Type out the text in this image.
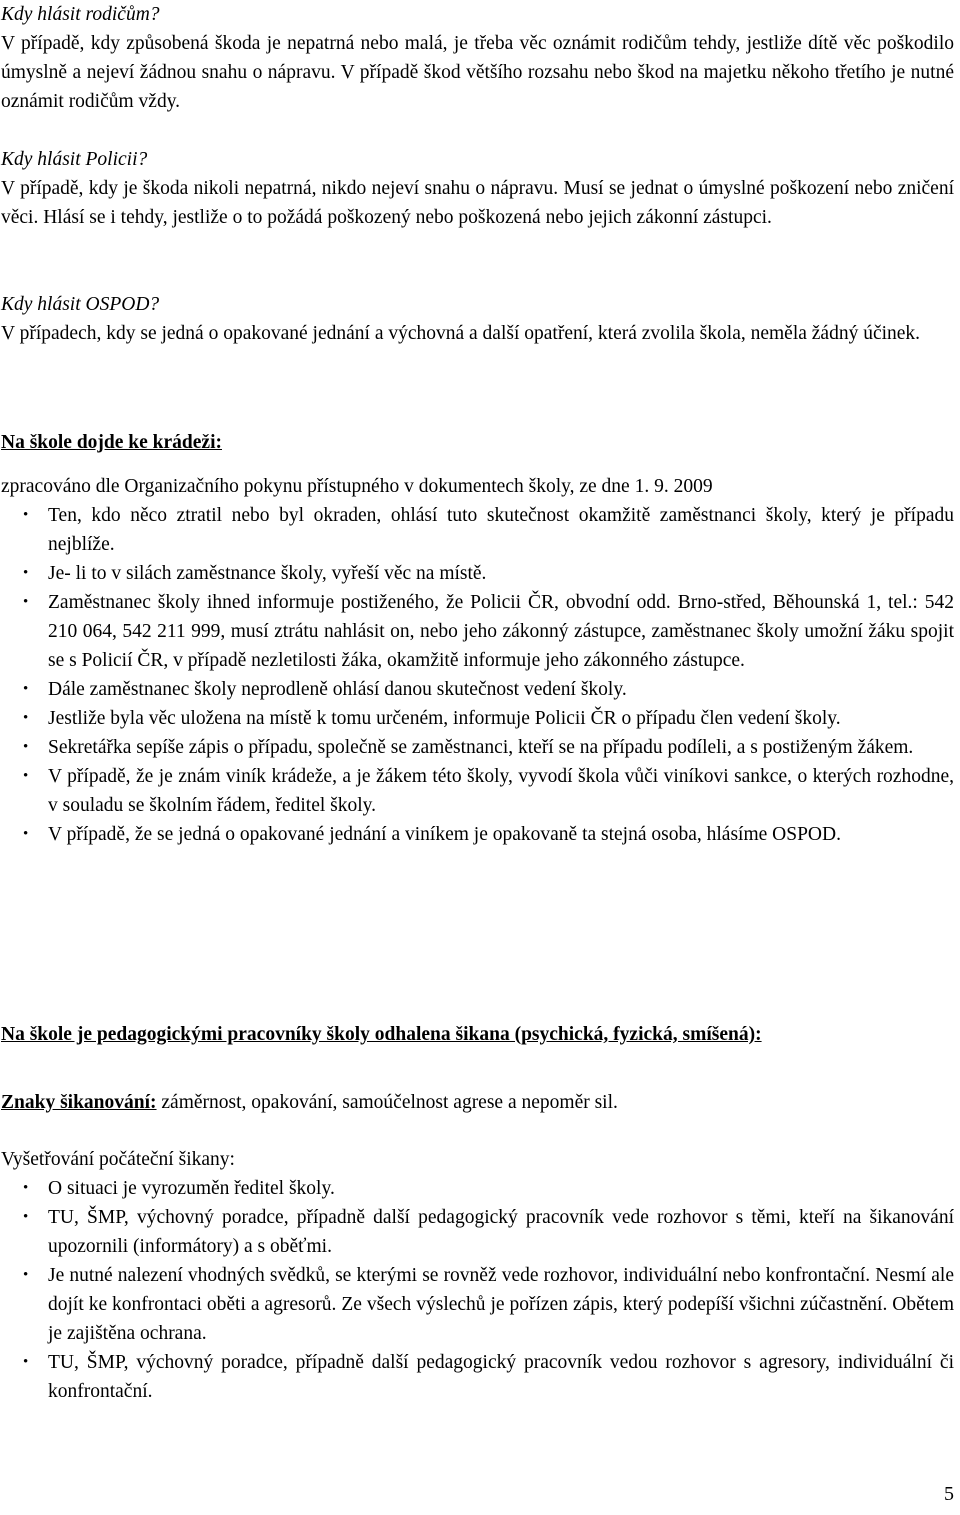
Kdy hlásit rodičům?

V případě, kdy způsobená škoda je nepatrná nebo malá, je třeba věc oznámit rodičům tehdy, jestliže dítě věc poškodilo úmyslně a nejeví žádnou snahu o nápravu. V případě škod většího rozsahu nebo škod na majetku někoho třetího je nutné oznámit rodičům vždy.

Kdy hlásit Policii?

V případě, kdy je škoda nikoli nepatrná, nikdo nejeví snahu o nápravu. Musí se jednat o úmyslné poškození nebo zničení věci. Hlásí se i tehdy, jestliže o to požádá poškozený nebo poškozená nebo jejich zákonní zástupci.

Kdy hlásit OSPOD?

V případech, kdy se jedná o opakované jednání a výchovná a další opatření, která zvolila škola, neměla žádný účinek.

Na škole dojde ke krádeži:

zpracováno dle Organizačního pokynu přístupného v dokumentech školy, ze dne 1. 9. 2009

• Ten, kdo něco ztratil nebo byl okraden, ohlásí tuto skutečnost okamžitě zaměstnanci školy, který je případu nejblíže.
• Je- li to v silách zaměstnance školy, vyřeší věc na místě.
• Zaměstnanec školy ihned informuje postiženého, že Policii ČR, obvodní odd. Brno-střed, Běhounská 1, tel.: 542 210 064, 542 211 999, musí ztrátu nahlásit on, nebo jeho zákonný zástupce, zaměstnanec školy umožní žáku spojit se s Policií ČR, v případě nezletilosti žáka, okamžitě informuje jeho zákonného zástupce.
• Dále zaměstnanec školy neprodleně ohlásí danou skutečnost vedení školy.
• Jestliže byla věc uložena na místě k tomu určeném, informuje Policii ČR o případu člen vedení školy.
• Sekretářka sepíše zápis o případu, společně se zaměstnanci, kteří se na případu podíleli, a s postiženým žákem.
• V případě, že je znám viník krádeže, a je žákem této školy, vyvodí škola vůči viníkovi sankce, o kterých rozhodne, v souladu se školním řádem, ředitel školy.
• V případě, že se jedná o opakované jednání a viníkem je opakovaně ta stejná osoba, hlásíme OSPOD.

Na škole je pedagogickými pracovníky školy odhalena šikana (psychická, fyzická, smíšená):

Znaky šikanování: záměrnost, opakování, samoúčelnost agrese a nepoměr sil.

Vyšetřování počáteční šikany:

• O situaci je vyrozuměn ředitel školy.
• TU, ŠMP, výchovný poradce, případně další pedagogický pracovník vede rozhovor s těmi, kteří na šikanování upozornili (informátory) a s oběťmi.
• Je nutné nalezení vhodných svědků, se kterými se rovněž vede rozhovor, individuální nebo konfrontační. Nesmí ale dojít ke konfrontaci oběti a agresorů. Ze všech výslechů je pořízen zápis, který podepíší všichni zúčastnění. Obětem je zajištěna ochrana.
• TU, ŠMP, výchovný poradce, případně další pedagogický pracovník vedou rozhovor s agresory, individuální či konfrontační.
5
